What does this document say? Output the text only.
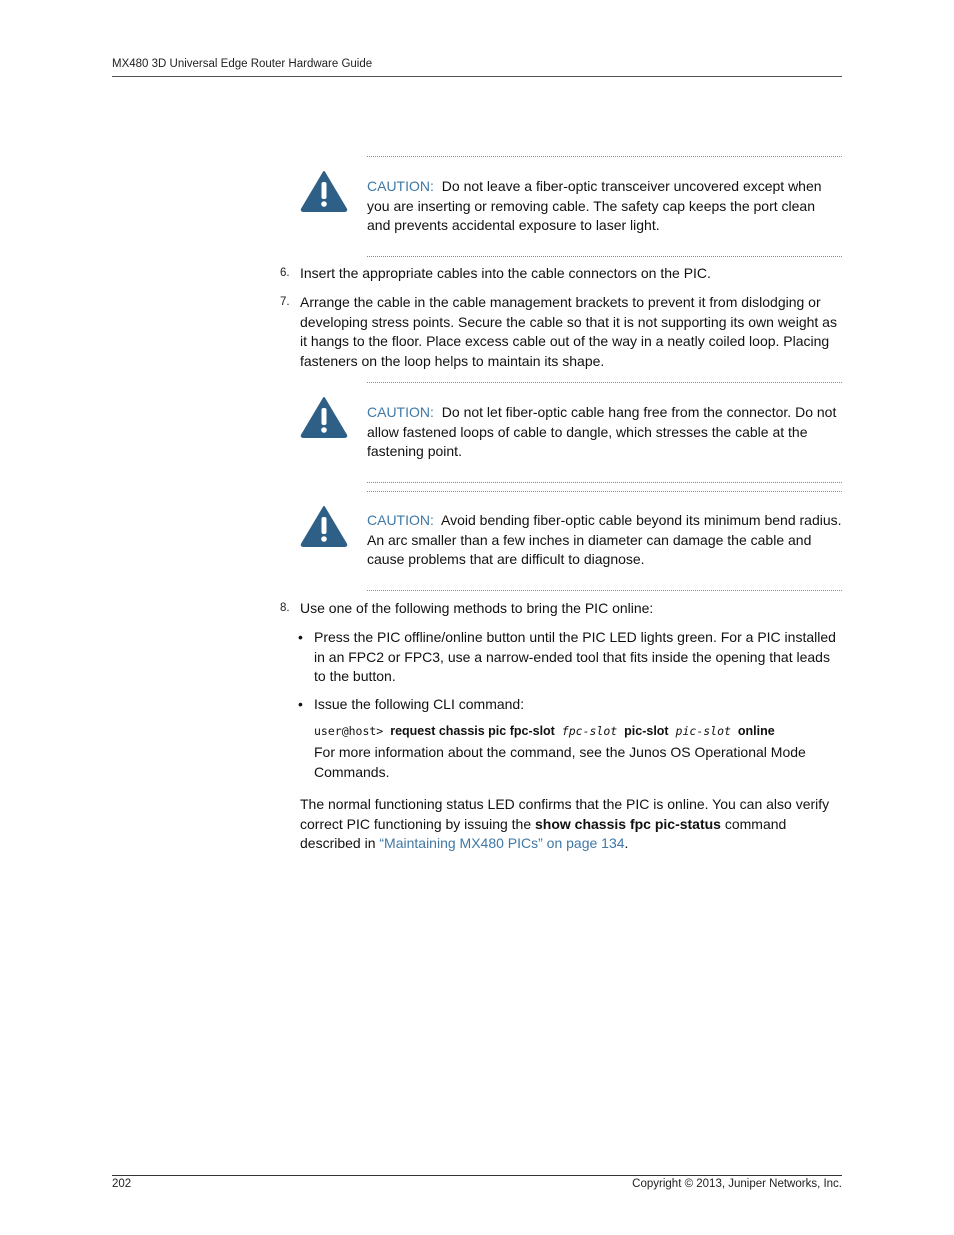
MX480 3D Universal Edge Router Hardware Guide
CAUTION: Do not leave a fiber-optic transceiver uncovered except when you are inserting or removing cable. The safety cap keeps the port clean and prevents accidental exposure to laser light.
6. Insert the appropriate cables into the cable connectors on the PIC.
7. Arrange the cable in the cable management brackets to prevent it from dislodging or developing stress points. Secure the cable so that it is not supporting its own weight as it hangs to the floor. Place excess cable out of the way in a neatly coiled loop. Placing fasteners on the loop helps to maintain its shape.
CAUTION: Do not let fiber-optic cable hang free from the connector. Do not allow fastened loops of cable to dangle, which stresses the cable at the fastening point.
CAUTION: Avoid bending fiber-optic cable beyond its minimum bend radius. An arc smaller than a few inches in diameter can damage the cable and cause problems that are difficult to diagnose.
8. Use one of the following methods to bring the PIC online:
• Press the PIC offline/online button until the PIC LED lights green. For a PIC installed in an FPC2 or FPC3, use a narrow-ended tool that fits inside the opening that leads to the button.
• Issue the following CLI command:
user@host> request chassis pic fpc-slot fpc-slot pic-slot pic-slot online
For more information about the command, see the Junos OS Operational Mode Commands.
The normal functioning status LED confirms that the PIC is online. You can also verify correct PIC functioning by issuing the show chassis fpc pic-status command described in “Maintaining MX480 PICs” on page 134.
202	Copyright © 2013, Juniper Networks, Inc.
